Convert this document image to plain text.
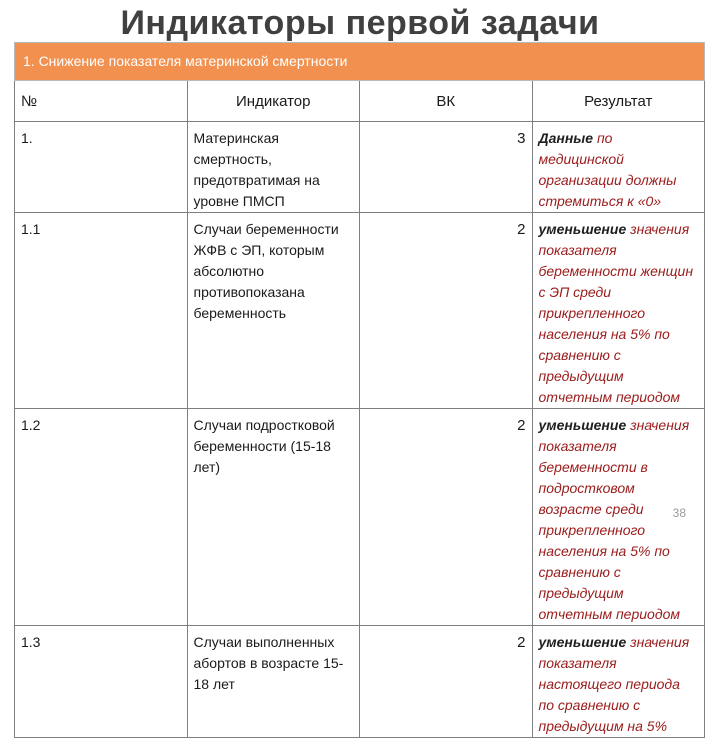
Индикаторы первой задачи
1. Снижение показателя материнской смертности			
№	Индикатор	ВК	Результат
1.	Материнская смертность, предотвратимая на уровне ПМСП	3	Данные по медицинской организации должны стремиться к «0»
1.1	Случаи беременности ЖФВ с ЭП, которым абсолютно противопоказана беременность	2	уменьшение значения показателя беременности женщин с ЭП среди прикрепленного населения на 5% по сравнению с предыдущим отчетным периодом
1.2	Случаи подростковой беременности (15-18 лет)	2	уменьшение значения показателя беременности в подростковом возрасте среди прикрепленного населения на 5% по сравнению с предыдущим отчетным периодом
1.3	Случаи выполненных абортов в возрасте 15-18 лет	2	уменьшение значения показателя настоящего периода по сравнению с предыдущим на 5%
38
